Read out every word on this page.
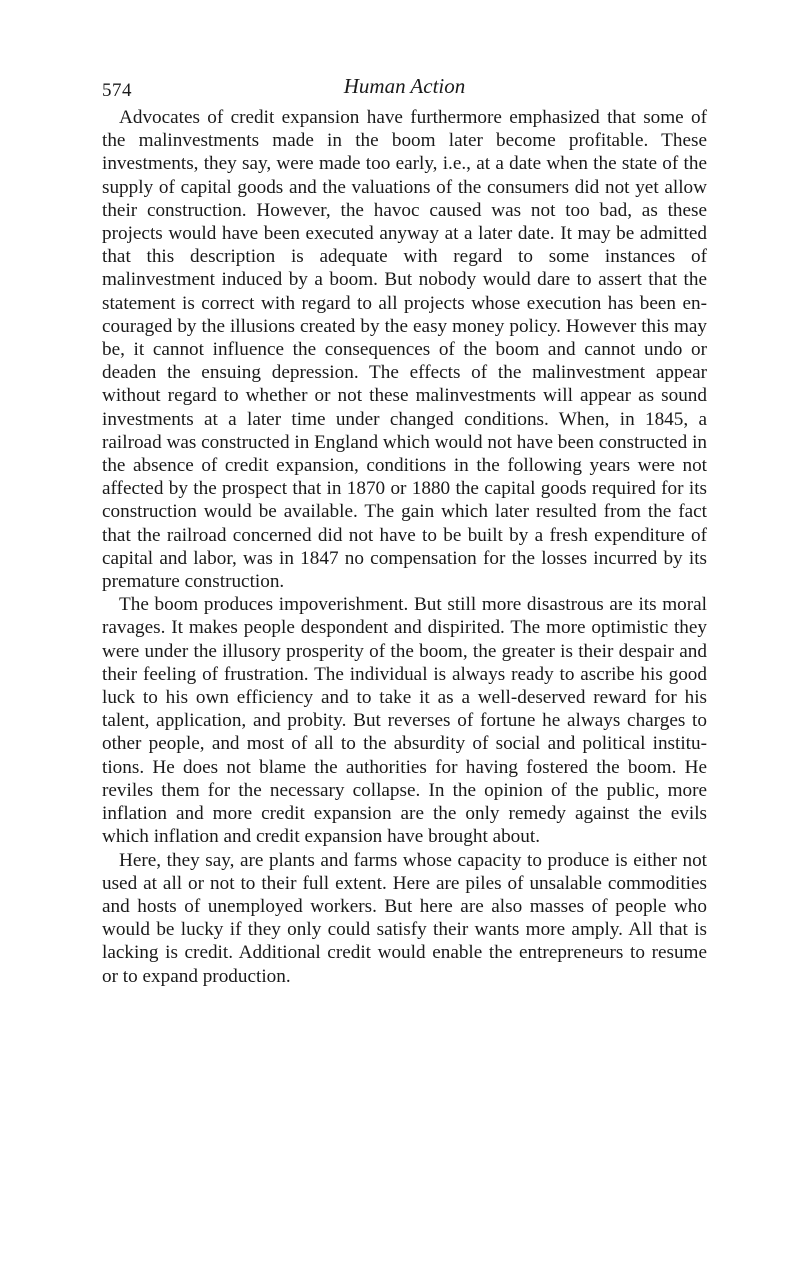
574	Human Action

Advocates of credit expansion have furthermore emphasized that some of the malinvestments made in the boom later become profitable. These investments, they say, were made too early, i.e., at a date when the state of the supply of capital goods and the valuations of the consumers did not yet allow their construction. However, the havoc caused was not too bad, as these projects would have been executed anyway at a later date. It may be admitted that this description is adequate with regard to some instances of malinvestment induced by a boom. But nobody would dare to assert that the statement is correct with regard to all projects whose execution has been encouraged by the illusions created by the easy money policy. However this may be, it cannot influence the consequences of the boom and cannot undo or deaden the ensuing depression. The effects of the malinvestment appear without regard to whether or not these malinvestments will appear as sound investments at a later time under changed conditions. When, in 1845, a railroad was constructed in England which would not have been constructed in the absence of credit expansion, conditions in the following years were not affected by the prospect that in 1870 or 1880 the capital goods required for its construction would be available. The gain which later resulted from the fact that the railroad concerned did not have to be built by a fresh expenditure of capital and labor, was in 1847 no compensation for the losses incurred by its premature construction.

The boom produces impoverishment. But still more disastrous are its moral ravages. It makes people despondent and dispirited. The more optimistic they were under the illusory prosperity of the boom, the greater is their despair and their feeling of frustration. The individual is always ready to ascribe his good luck to his own efficiency and to take it as a well-deserved reward for his talent, application, and probity. But reverses of fortune he always charges to other people, and most of all to the absurdity of social and political institutions. He does not blame the authorities for having fostered the boom. He reviles them for the necessary collapse. In the opinion of the public, more inflation and more credit expansion are the only remedy against the evils which inflation and credit expansion have brought about.

Here, they say, are plants and farms whose capacity to produce is either not used at all or not to their full extent. Here are piles of unsalable commodities and hosts of unemployed workers. But here are also masses of people who would be lucky if they only could satisfy their wants more amply. All that is lacking is credit. Additional credit would enable the entrepreneurs to resume or to expand production.
